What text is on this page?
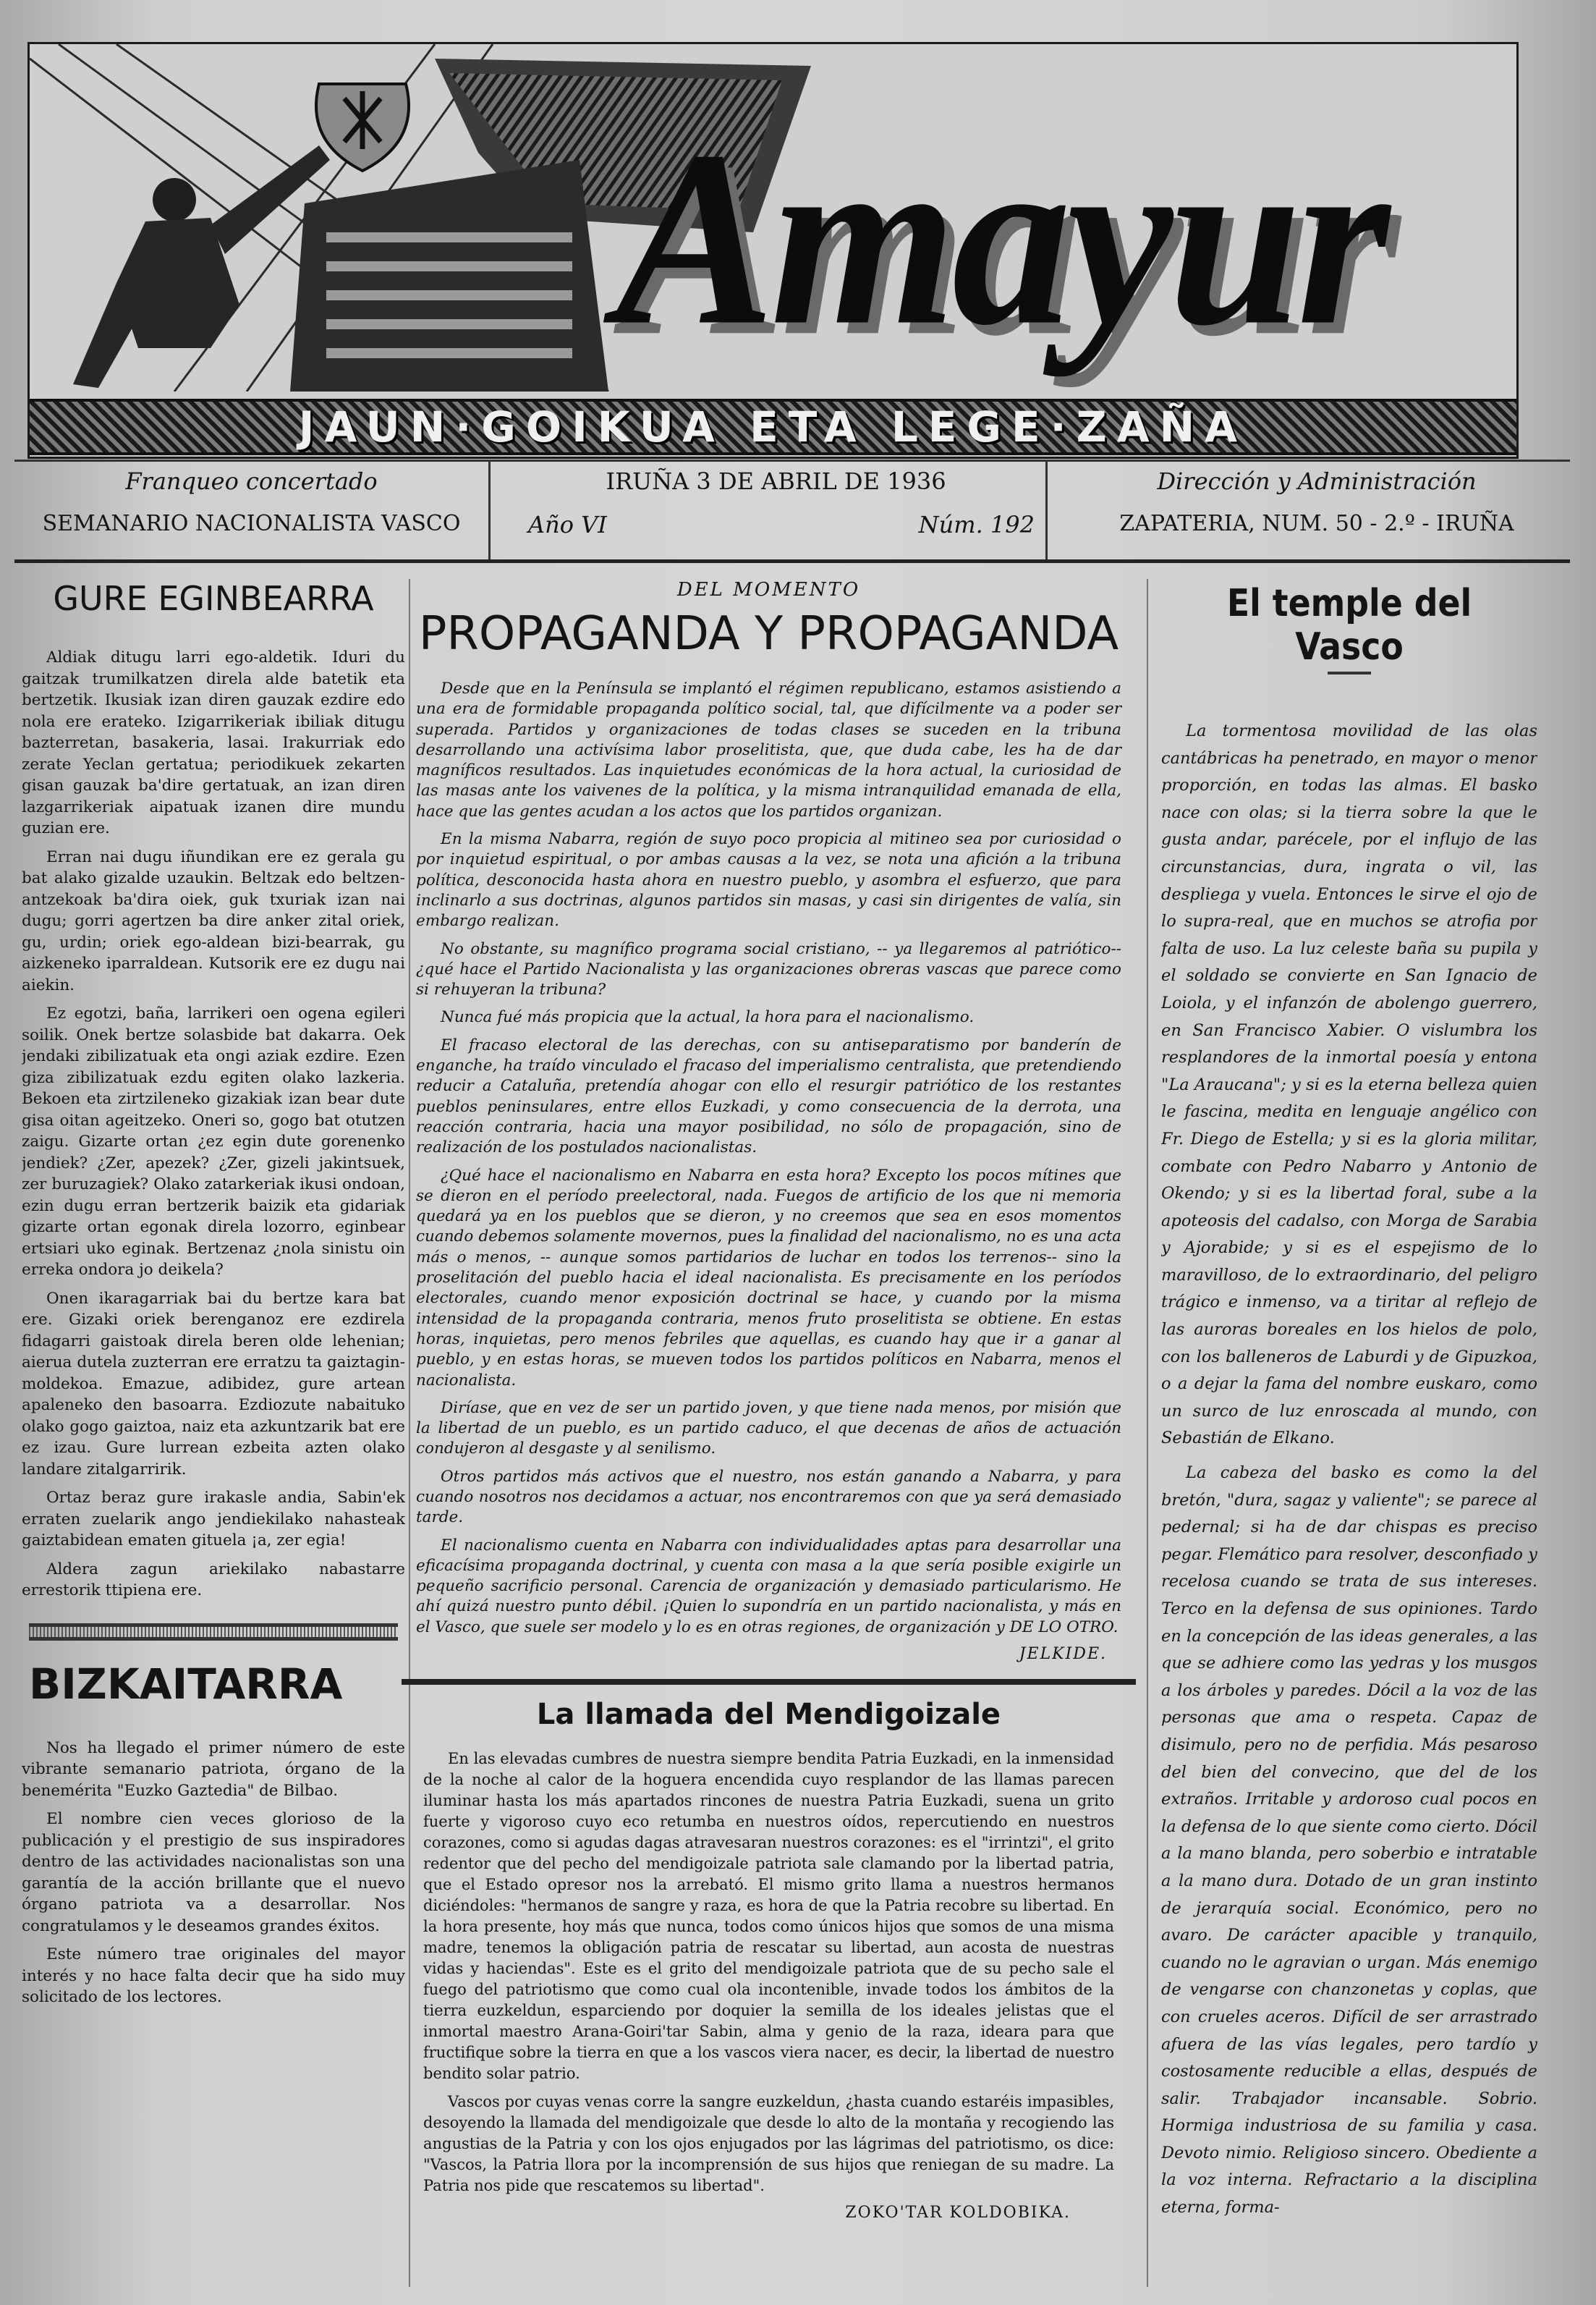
Amayur
JAUN·GOIKUA ETA LEGE·ZAÑA
Franqueo concertado
SEMANARIO NACIONALISTA VASCO
IRUÑA 3 DE ABRIL DE 1936
Año VI	Núm. 192
Dirección y Administración
ZAPATERIA, NUM. 50 - 2.º - IRUÑA
GURE EGINBEARRA

Aldiak ditugu larri ego-aldetik. Iduri du gaitzak trumilkatzen direla alde batetik eta bertzetik. Ikusiak izan diren gauzak ezdire edo nola ere erateko. Izigarrikeriak ibiliak ditugu bazterretan, basakeria, lasai. Irakurriak edo zerate Yeclan gertatua; periodikuek zekarten gisan gauzak ba'dire gertatuak, an izan diren lazgarrikeriak aipatuak izanen dire mundu guzian ere.

Erran nai dugu iñundikan ere ez gerala gu bat alako gizalde uzaukin. Beltzak edo beltzen-antzekoak ba'dira oiek, guk txuriak izan nai dugu; gorri agertzen ba dire anker zital oriek, gu, urdin; oriek ego-aldean bizi-bearrak, gu aizkeneko iparraldean. Kutsorik ere ez dugu nai aiekin.

Ez egotzi, baña, larrikeri oen ogena egileri soilik. Onek bertze solasbide bat dakarra. Oek jendaki zibilizatuak eta ongi aziak ezdire. Ezen giza zibilizatuak ezdu egiten olako lazkeria. Bekoen eta zirtzileneko gizakiak izan bear dute gisa oitan ageitzeko. Oneri so, gogo bat otutzen zaigu. Gizarte ortan ¿ez egin dute gorenenko jendiek? ¿Zer, apezek? ¿Zer, gizeli jakintsuek, zer buruzagiek? Olako zatarkeriak ikusi ondoan, ezin dugu erran bertzerik baizik eta gidariak gizarte ortan egonak direla lozorro, eginbear ertsiari uko eginak. Bertzenaz ¿nola sinistu oin erreka ondora jo deikela?

Onen ikaragarriak bai du bertze kara bat ere. Gizaki oriek berenganoz ere ezdirela fidagarri gaistoak direla beren olde lehenian; aierua dutela zuzterran ere erratzu ta gaiztagin-moldekoa. Emazue, adibidez, gure artean apaleneko den basoarra. Ezdiozute nabaituko olako gogo gaiztoa, naiz eta azkuntzarik bat ere ez izau. Gure lurrean ezbeita azten olako landare zitalgarririk.

Ortaz beraz gure irakasle andia, Sabin'ek erraten zuelarik ango jendiekilako nahasteak gaiztabidean ematen gituela ¡a, zer egia!

Aldera zagun ariekilako nabastarre errestorik ttipiena ere.

BIZKAITARRA

Nos ha llegado el primer número de este vibrante semanario patriota, órgano de la benemérita "Euzko Gaztedia" de Bilbao.

El nombre cien veces glorioso de la publicación y el prestigio de sus inspiradores dentro de las actividades nacionalistas son una garantía de la acción brillante que el nuevo órgano patriota va a desarrollar. Nos congratulamos y le deseamos grandes éxitos.

Este número trae originales del mayor interés y no hace falta decir que ha sido muy solicitado de los lectores.

DEL MOMENTO
PROPAGANDA Y PROPAGANDA

Desde que en la Península se implantó el régimen republicano, estamos asistiendo a una era de formidable propaganda político social, tal, que difícilmente va a poder ser superada. Partidos y organizaciones de todas clases se suceden en la tribuna desarrollando una activísima labor proselitista, que, que duda cabe, les ha de dar magníficos resultados. Las inquietudes económicas de la hora actual, la curiosidad de las masas ante los vaivenes de la política, y la misma intranquilidad emanada de ella, hace que las gentes acudan a los actos que los partidos organizan.

En la misma Nabarra, región de suyo poco propicia al mitineo sea por curiosidad o por inquietud espiritual, o por ambas causas a la vez, se nota una afición a la tribuna política, desconocida hasta ahora en nuestro pueblo, y asombra el esfuerzo, que para inclinarlo a sus doctrinas, algunos partidos sin masas, y casi sin dirigentes de valía, sin embargo realizan.

No obstante, su magnífico programa social cristiano, -- ya llegaremos al patriótico-- ¿qué hace el Partido Nacionalista y las organizaciones obreras vascas que parece como si rehuyeran la tribuna?

Nunca fué más propicia que la actual, la hora para el nacionalismo.

El fracaso electoral de las derechas, con su antiseparatismo por banderín de enganche, ha traído vinculado el fracaso del imperialismo centralista, que pretendiendo reducir a Cataluña, pretendía ahogar con ello el resurgir patriótico de los restantes pueblos peninsulares, entre ellos Euzkadi, y como consecuencia de la derrota, una reacción contraria, hacia una mayor posibilidad, no sólo de propagación, sino de realización de los postulados nacionalistas.

¿Qué hace el nacionalismo en Nabarra en esta hora? Excepto los pocos mítines que se dieron en el período preelectoral, nada. Fuegos de artificio de los que ni memoria quedará ya en los pueblos que se dieron, y no creemos que sea en esos momentos cuando debemos solamente movernos, pues la finalidad del nacionalismo, no es una acta más o menos, -- aunque somos partidarios de luchar en todos los terrenos-- sino la proselitación del pueblo hacia el ideal nacionalista. Es precisamente en los períodos electorales, cuando menor exposición doctrinal se hace, y cuando por la misma intensidad de la propaganda contraria, menos fruto proselitista se obtiene. En estas horas, inquietas, pero menos febriles que aquellas, es cuando hay que ir a ganar al pueblo, y en estas horas, se mueven todos los partidos políticos en Nabarra, menos el nacionalista.

Diríase, que en vez de ser un partido joven, y que tiene nada menos, por misión que la libertad de un pueblo, es un partido caduco, el que decenas de años de actuación condujeron al desgaste y al senilismo.

Otros partidos más activos que el nuestro, nos están ganando a Nabarra, y para cuando nosotros nos decidamos a actuar, nos encontraremos con que ya será demasiado tarde.

El nacionalismo cuenta en Nabarra con individualidades aptas para desarrollar una eficacísima propaganda doctrinal, y cuenta con masa a la que sería posible exigirle un pequeño sacrificio personal. Carencia de organización y demasiado particularismo. He ahí quizá nuestro punto débil. ¡Quien lo supondría en un partido nacionalista, y más en el Vasco, que suele ser modelo y lo es en otras regiones, de organización y DE LO OTRO.

JELKIDE.
La llamada del Mendigoizale

En las elevadas cumbres de nuestra siempre bendita Patria Euzkadi, en la inmensidad de la noche al calor de la hoguera encendida cuyo resplandor de las llamas parecen iluminar hasta los más apartados rincones de nuestra Patria Euzkadi, suena un grito fuerte y vigoroso cuyo eco retumba en nuestros oídos, repercutiendo en nuestros corazones, como si agudas dagas atravesaran nuestros corazones: es el "irrintzi", el grito redentor que del pecho del mendigoizale patriota sale clamando por la libertad patria, que el Estado opresor nos la arrebató. El mismo grito llama a nuestros hermanos diciéndoles: "hermanos de sangre y raza, es hora de que la Patria recobre su libertad. En la hora presente, hoy más que nunca, todos como únicos hijos que somos de una misma madre, tenemos la obligación patria de rescatar su libertad, aun acosta de nuestras vidas y haciendas". Este es el grito del mendigoizale patriota que de su pecho sale el fuego del patriotismo que como cual ola incontenible, invade todos los ámbitos de la tierra euzkeldun, esparciendo por doquier la semilla de los ideales jelistas que el inmortal maestro Arana-Goiri'tar Sabin, alma y genio de la raza, ideara para que fructifique sobre la tierra en que a los vascos viera nacer, es decir, la libertad de nuestro bendito solar patrio.

Vascos por cuyas venas corre la sangre euzkeldun, ¿hasta cuando estaréis impasibles, desoyendo la llamada del mendigoizale que desde lo alto de la montaña y recogiendo las angustias de la Patria y con los ojos enjugados por las lágrimas del patriotismo, os dice: "Vascos, la Patria llora por la incomprensión de sus hijos que reniegan de su madre. La Patria nos pide que rescatemos su libertad".

ZOKO'TAR KOLDOBIKA.
El temple del Vasco

La tormentosa movilidad de las olas cantábricas ha penetrado, en mayor o menor proporción, en todas las almas. El basko nace con olas; si la tierra sobre la que le gusta andar, parécele, por el influjo de las circunstancias, dura, ingrata o vil, las despliega y vuela. Entonces le sirve el ojo de lo supra-real, que en muchos se atrofia por falta de uso. La luz celeste baña su pupila y el soldado se convierte en San Ignacio de Loiola, y el infanzón de abolengo guerrero, en San Francisco Xabier. O vislumbra los resplandores de la inmortal poesía y entona "La Araucana"; y si es la eterna belleza quien le fascina, medita en lenguaje angélico con Fr. Diego de Estella; y si es la gloria militar, combate con Pedro Nabarro y Antonio de Okendo; y si es la libertad foral, sube a la apoteosis del cadalso, con Morga de Sarabia y Ajorabide; y si es el espejismo de lo maravilloso, de lo extraordinario, del peligro trágico e inmenso, va a tiritar al reflejo de las auroras boreales en los hielos de polo, con los balleneros de Laburdi y de Gipuzkoa, o a dejar la fama del nombre euskaro, como un surco de luz enroscada al mundo, con Sebastián de Elkano.

La cabeza del basko es como la del bretón, "dura, sagaz y valiente"; se parece al pedernal; si ha de dar chispas es preciso pegar. Flemático para resolver, desconfiado y recelosa cuando se trata de sus intereses. Terco en la defensa de sus opiniones. Tardo en la concepción de las ideas generales, a las que se adhiere como las yedras y los musgos a los árboles y paredes. Dócil a la voz de las personas que ama o respeta. Capaz de disimulo, pero no de perfidia. Más pesaroso del bien del convecino, que del de los extraños. Irritable y ardoroso cual pocos en la defensa de lo que siente como cierto. Dócil a la mano blanda, pero soberbio e intratable a la mano dura. Dotado de un gran instinto de jerarquía social. Económico, pero no avaro. De carácter apacible y tranquilo, cuando no le agravian o urgan. Más enemigo de vengarse con chanzonetas y coplas, que con crueles aceros. Difícil de ser arrastrado afuera de las vías legales, pero tardío y costosamente reducible a ellas, después de salir. Trabajador incansable. Sobrio. Hormiga industriosa de su familia y casa. Devoto nimio. Religioso sincero. Obediente a la voz interna. Refractario a la disciplina eterna, forma-
